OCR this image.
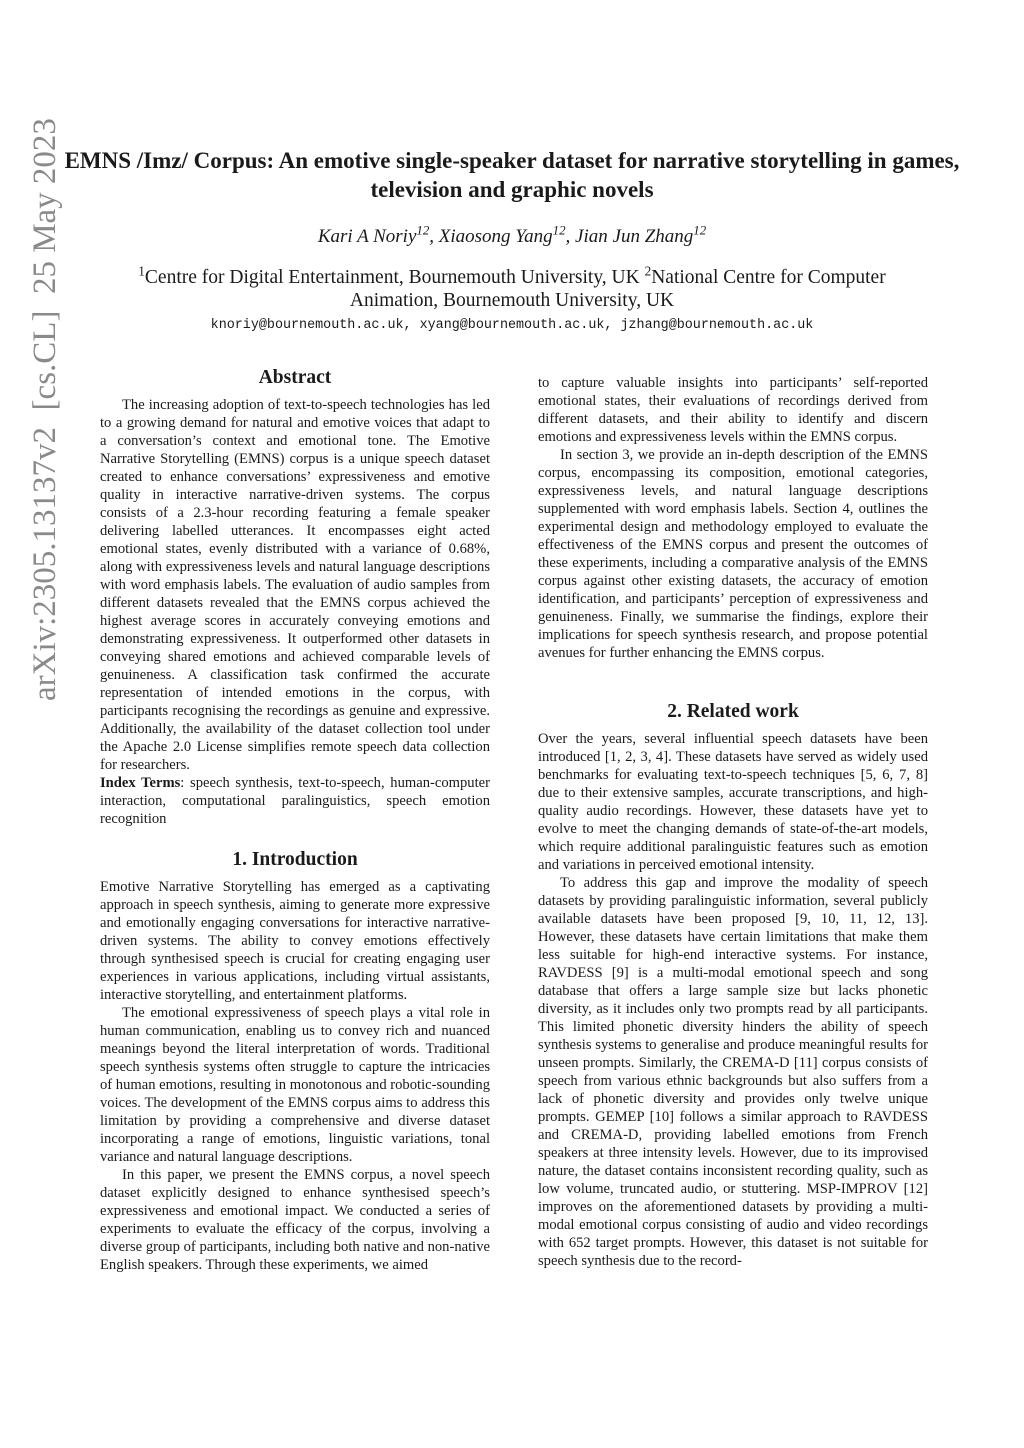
arXiv:2305.13137v2  [cs.CL]  25 May 2023 EMNS /Imz/ Corpus: An emotive single-speaker dataset for narrative storytelling in games, television and graphic novels
Kari A Noriy$^{12}$, Xiaosong Yang$^{12}$, Jian Jun Zhang$^{12}$
$^1$Centre for Digital Entertainment, Bournemouth University, UK $^2$National Centre for Computer Animation, Bournemouth University, UK
knoriy@bournemouth.ac.uk, xyang@bournemouth.ac.uk, jzhang@bournemouth.ac.uk
Abstract

The increasing adoption of text-to-speech technologies has led to a growing demand for natural and emotive voices that adapt to a conversation’s context and emotional tone. The Emotive Narrative Storytelling (EMNS) corpus is a unique speech dataset created to enhance conversations’ expressiveness and emotive quality in interactive narrative-driven systems. The corpus consists of a 2.3-hour recording featuring a female speaker delivering labelled utterances. It encompasses eight acted emotional states, evenly distributed with a variance of 0.68%, along with expressiveness levels and natural language descriptions with word emphasis labels. The evaluation of audio samples from different datasets revealed that the EMNS corpus achieved the highest average scores in accurately conveying emotions and demonstrating expressiveness. It outperformed other datasets in conveying shared emotions and achieved comparable levels of genuineness. A classification task confirmed the accurate representation of intended emotions in the corpus, with participants recognising the recordings as genuine and expressive. Additionally, the availability of the dataset collection tool under the Apache 2.0 License simplifies remote speech data collection for researchers.

Index Terms: speech synthesis, text-to-speech, human-computer interaction, computational paralinguistics, speech emotion recognition

1. Introduction

Emotive Narrative Storytelling has emerged as a captivating approach in speech synthesis, aiming to generate more expressive and emotionally engaging conversations for interactive narrative-driven systems. The ability to convey emotions effectively through synthesised speech is crucial for creating engaging user experiences in various applications, including virtual assistants, interactive storytelling, and entertainment platforms.

The emotional expressiveness of speech plays a vital role in human communication, enabling us to convey rich and nuanced meanings beyond the literal interpretation of words. Traditional speech synthesis systems often struggle to capture the intricacies of human emotions, resulting in monotonous and robotic-sounding voices. The development of the EMNS corpus aims to address this limitation by providing a comprehensive and diverse dataset incorporating a range of emotions, linguistic variations, tonal variance and natural language descriptions.

In this paper, we present the EMNS corpus, a novel speech dataset explicitly designed to enhance synthesised speech’s expressiveness and emotional impact. We conducted a series of experiments to evaluate the efficacy of the corpus, involving a diverse group of participants, including both native and non-native English speakers. Through these experiments, we aimed

to capture valuable insights into participants’ self-reported emotional states, their evaluations of recordings derived from different datasets, and their ability to identify and discern emotions and expressiveness levels within the EMNS corpus.

In section 3, we provide an in-depth description of the EMNS corpus, encompassing its composition, emotional categories, expressiveness levels, and natural language descriptions supplemented with word emphasis labels. Section 4, outlines the experimental design and methodology employed to evaluate the effectiveness of the EMNS corpus and present the outcomes of these experiments, including a comparative analysis of the EMNS corpus against other existing datasets, the accuracy of emotion identification, and participants’ perception of expressiveness and genuineness. Finally, we summarise the findings, explore their implications for speech synthesis research, and propose potential avenues for further enhancing the EMNS corpus.

2. Related work

Over the years, several influential speech datasets have been introduced [1, 2, 3, 4]. These datasets have served as widely used benchmarks for evaluating text-to-speech techniques [5, 6, 7, 8] due to their extensive samples, accurate transcriptions, and high-quality audio recordings. However, these datasets have yet to evolve to meet the changing demands of state-of-the-art models, which require additional paralinguistic features such as emotion and variations in perceived emotional intensity.

To address this gap and improve the modality of speech datasets by providing paralinguistic information, several publicly available datasets have been proposed [9, 10, 11, 12, 13]. However, these datasets have certain limitations that make them less suitable for high-end interactive systems. For instance, RAVDESS [9] is a multi-modal emotional speech and song database that offers a large sample size but lacks phonetic diversity, as it includes only two prompts read by all participants. This limited phonetic diversity hinders the ability of speech synthesis systems to generalise and produce meaningful results for unseen prompts. Similarly, the CREMA-D [11] corpus consists of speech from various ethnic backgrounds but also suffers from a lack of phonetic diversity and provides only twelve unique prompts. GEMEP [10] follows a similar approach to RAVDESS and CREMA-D, providing labelled emotions from French speakers at three intensity levels. However, due to its improvised nature, the dataset contains inconsistent recording quality, such as low volume, truncated audio, or stuttering. MSP-IMPROV [12] improves on the aforementioned datasets by providing a multi-modal emotional corpus consisting of audio and video recordings with 652 target prompts. However, this dataset is not suitable for speech synthesis due to the record-
